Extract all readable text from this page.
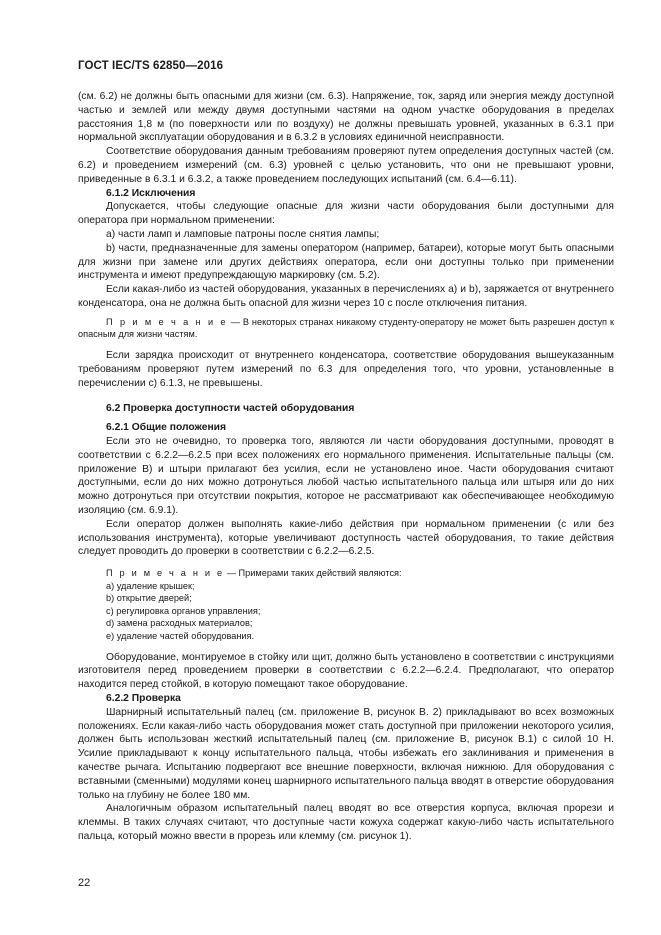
ГОСТ IEC/TS 62850—2016

(см. 6.2) не должны быть опасными для жизни (см. 6.3). Напряжение, ток, заряд или энергия между доступной частью и землей или между двумя доступными частями на одном участке оборудования в пределах расстояния 1,8 м (по поверхности или по воздуху) не должны превышать уровней, указанных в 6.3.1 при нормальной эксплуатации оборудования и в 6.3.2 в условиях единичной неисправности.

Соответствие оборудования данным требованиям проверяют путем определения доступных частей (см. 6.2) и проведением измерений (см. 6.3) уровней с целью установить, что они не превышают уровни, приведенные в 6.3.1 и 6.3.2, а также проведением последующих испытаний (см. 6.4—6.11).

6.1.2 Исключения

Допускается, чтобы следующие опасные для жизни части оборудования были доступными для оператора при нормальном применении:

a) части ламп и ламповые патроны после снятия лампы;

b) части, предназначенные для замены оператором (например, батареи), которые могут быть опасными для жизни при замене или других действиях оператора, если они доступны только при применении инструмента и имеют предупреждающую маркировку (см. 5.2).

Если какая-либо из частей оборудования, указанных в перечислениях a) и b), заряжается от внутреннего конденсатора, она не должна быть опасной для жизни через 10 с после отключения питания.

П р и м е ч а н и е — В некоторых странах никакому студенту-оператору не может быть разрешен доступ к опасным для жизни частям.

Если зарядка происходит от внутреннего конденсатора, соответствие оборудования вышеуказанным требованиям проверяют путем измерений по 6.3 для определения того, что уровни, установленные в перечислении c) 6.1.3, не превышены.

6.2 Проверка доступности частей оборудования

6.2.1 Общие положения

Если это не очевидно, то проверка того, являются ли части оборудования доступными, проводят в соответствии с 6.2.2—6.2.5 при всех положениях его нормального применения. Испытательные пальцы (см. приложение B) и штыри прилагают без усилия, если не установлено иное. Части оборудования считают доступными, если до них можно дотронуться любой частью испытательного пальца или штыря или до них можно дотронуться при отсутствии покрытия, которое не рассматривают как обеспечивающее необходимую изоляцию (см. 6.9.1).

Если оператор должен выполнять какие-либо действия при нормальном применении (с или без использования инструмента), которые увеличивают доступность частей оборудования, то такие действия следует проводить до проверки в соответствии с 6.2.2—6.2.5.

П р и м е ч а н и е — Примерами таких действий являются:

a) удаление крышек;

b) открытие дверей;

c) регулировка органов управления;

d) замена расходных материалов;

e) удаление частей оборудования.

Оборудование, монтируемое в стойку или щит, должно быть установлено в соответствии с инструкциями изготовителя перед проведением проверки в соответствии с 6.2.2—6.2.4. Предполагают, что оператор находится перед стойкой, в которую помещают такое оборудование.

6.2.2 Проверка

Шарнирный испытательный палец (см. приложение B, рисунок B. 2) прикладывают во всех возможных положениях. Если какая-либо часть оборудования может стать доступной при приложении некоторого усилия, должен быть использован жесткий испытательный палец (см. приложение B, рисунок B.1) с силой 10 Н. Усилие прикладывают к концу испытательного пальца, чтобы избежать его заклинивания и применения в качестве рычага. Испытанию подвергают все внешние поверхности, включая нижнюю. Для оборудования с вставными (сменными) модулями конец шарнирного испытательного пальца вводят в отверстие оборудования только на глубину не более 180 мм.

Аналогичным образом испытательный палец вводят во все отверстия корпуса, включая прорези и клеммы. В таких случаях считают, что доступные части кожуха содержат какую-либо часть испытательного пальца, который можно ввести в прорезь или клемму (см. рисунок 1).

22
